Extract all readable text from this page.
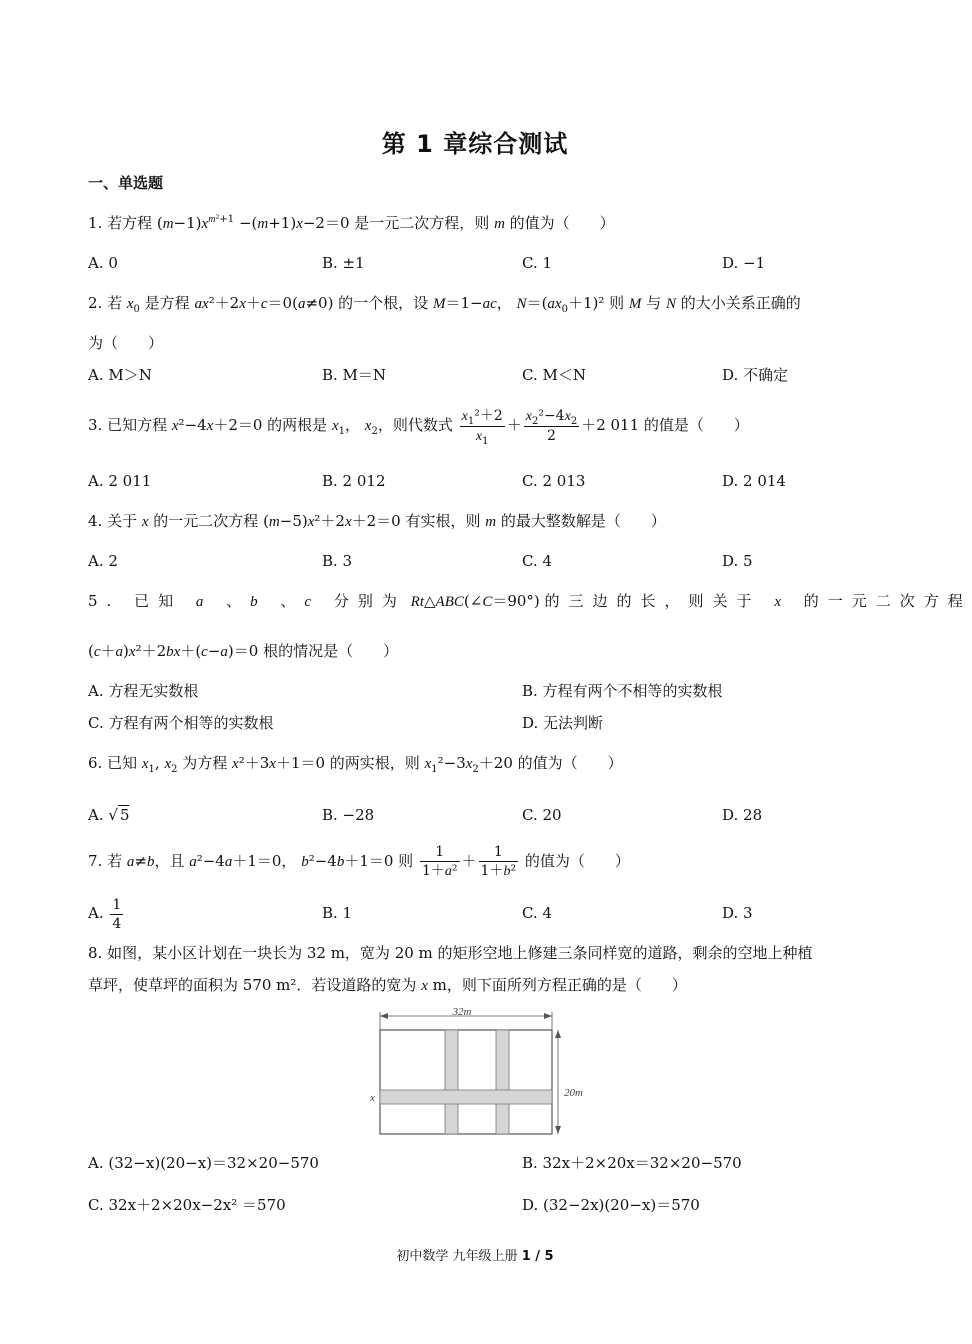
第 1 章综合测试
一、单选题
1. 若方程 $(m-1)x^{m^2+1} -(m+1)x-2=0$ 是一元二次方程，则 m 的值为（　　）
A. 0	B. ±1	C. 1	D. −1
2. 若 $x_0$ 是方程 ax²＋2x＋c＝0(a≠0) 的一个根，设 M＝1−ac， $N=(ax_0+1)^2$ 则 M 与 N 的大小关系正确的
为（　　）
A. M＞N	B. M＝N	C. M＜N	D. 不确定
3. 已知方程 x²−4x＋2＝0 的两根是 $x_1$， $x_2$，则代数式 $\frac{x_1^2+2}{x_1} + \frac{x_2^2-4x_2}{2} +2$ 011 的值是（　　）
A. 2 011	B. 2 012	C. 2 013	D. 2 014
4. 关于 x 的一元二次方程 (m−5)x²＋2x＋2＝0 有实根，则 m 的最大整数解是（　　）
A. 2	B. 3	C. 4	D. 5
5. 已知 a 、b 、c 分别为 Rt△ABC(∠C＝90°) 的三边的长，则关于 x 的一元二次方程
(c＋a)x²＋2bx＋(c−a)＝0 根的情况是（　　）
A. 方程无实数根	B. 方程有两个不相等的实数根
C. 方程有两个相等的实数根	D. 无法判断
6. 已知 $x_1$, $x_2$ 为方程 x²＋3x＋1＝0 的两实根，则 $x_1^2-3x_2+20$ 的值为（　　）
A. √ 5	B. −28	C. 20	D. 28
7. 若 a≠b，且 a²−4a＋1＝0， b²−4b＋1＝0 则 $\frac{1}{\text{1＋a²}} + \frac{1}{\text{1＋b²}}$ 的值为（　　）
A. $\frac{1}{4}$	B. 1	C. 4	D. 3
8. 如图，某小区计划在一块长为 32 m，宽为 20 m 的矩形空地上修建三条同样宽的道路，剩余的空地上种植
草坪，使草坪的面积为 570 m²．若设道路的宽为 x m，则下面所列方程正确的是（　　）
32m
20m
x
A. (32−x)(20−x)＝32×20−570	B. 32x＋2×20x＝32×20−570
C. 32x＋2×20x−2x² ＝570	D. (32−2x)(20−x)＝570
初中数学 九年级上册 1 / 5
